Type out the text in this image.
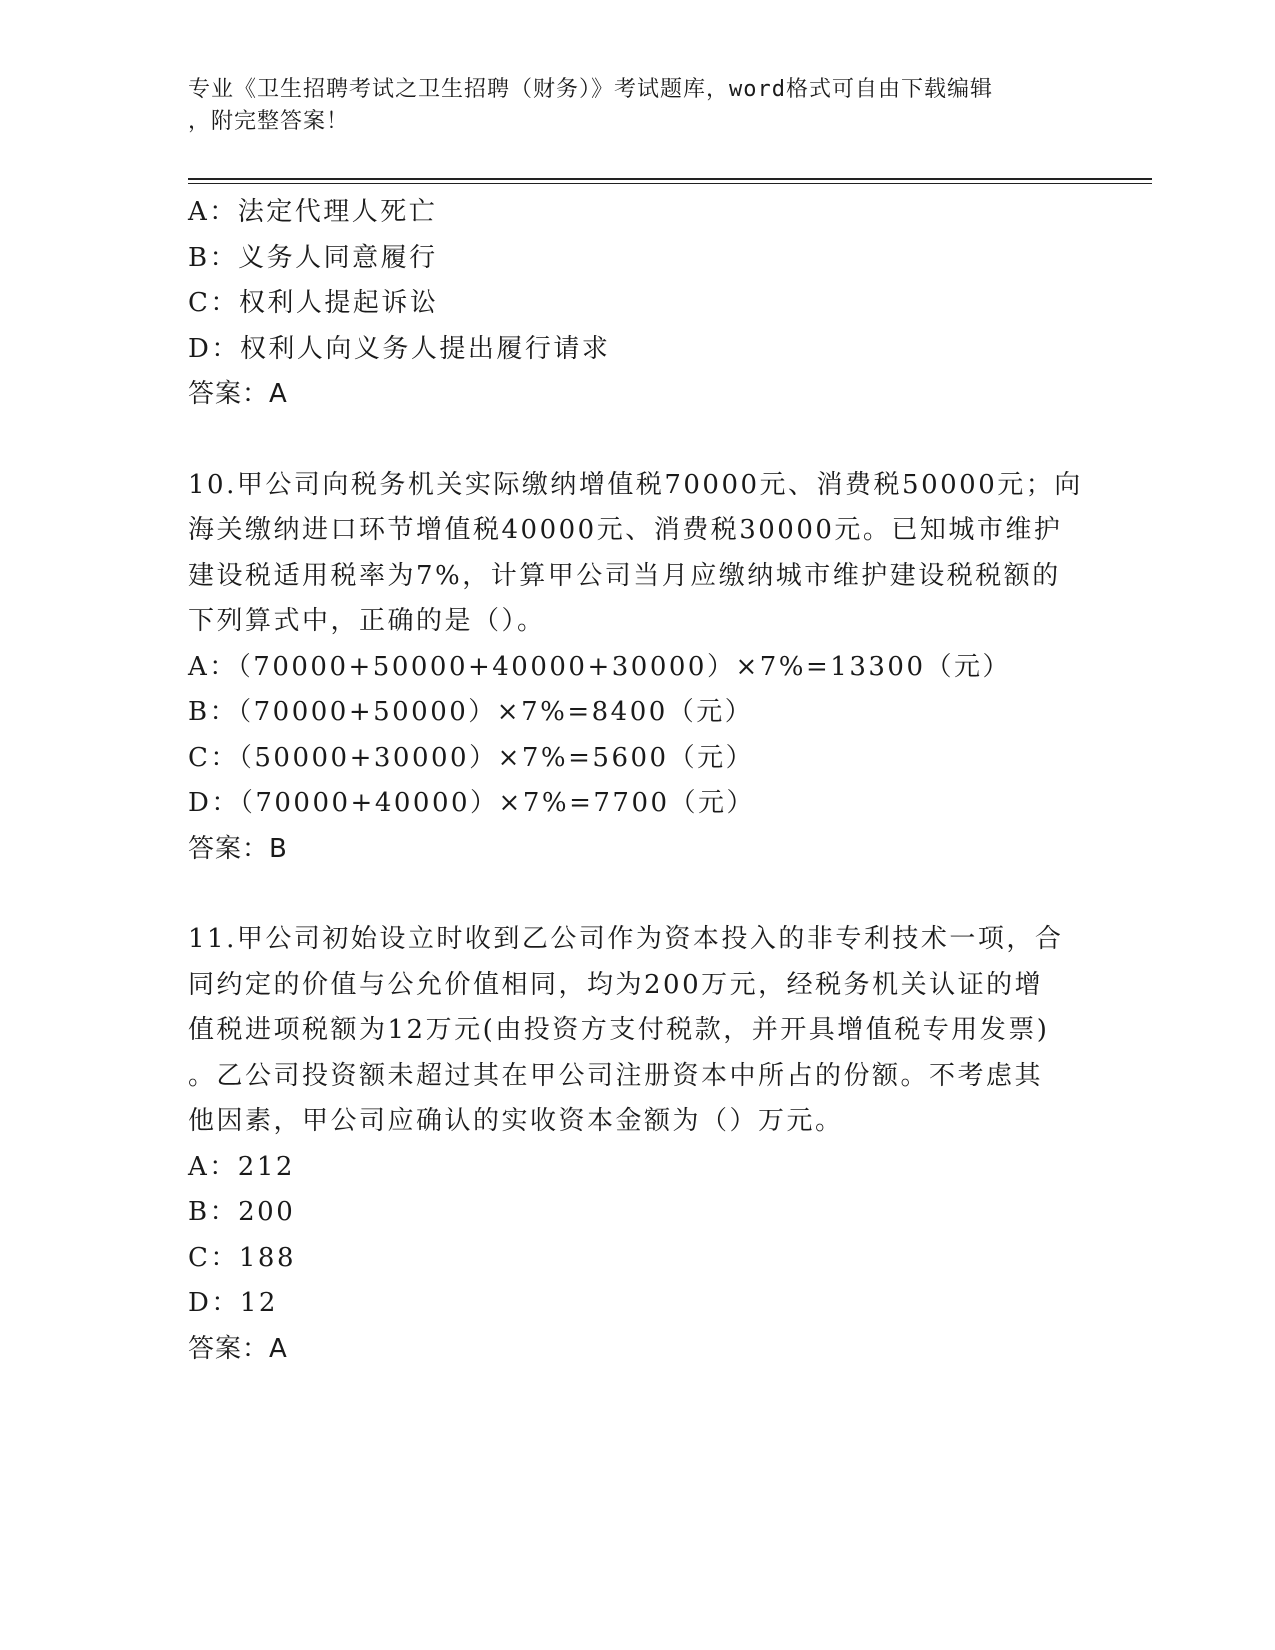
专业《卫生招聘考试之卫生招聘（财务）》考试题库，word格式可自由下载编辑
，附完整答案！
A：法定代理人死亡
B：义务人同意履行
C：权利人提起诉讼
D：权利人向义务人提出履行请求
答案：A
10.甲公司向税务机关实际缴纳增值税70000元、消费税50000元；向
海关缴纳进口环节增值税40000元、消费税30000元。已知城市维护
建设税适用税率为7%，计算甲公司当月应缴纳城市维护建设税税额的
下列算式中，正确的是（）。
A：（70000+50000+40000+30000）×7%=13300（元）
B：（70000+50000）×7%=8400（元）
C：（50000+30000）×7%=5600（元）
D：（70000+40000）×7%=7700（元）
答案：B
11.甲公司初始设立时收到乙公司作为资本投入的非专利技术一项，合
同约定的价值与公允价值相同，均为200万元，经税务机关认证的增
值税进项税额为12万元(由投资方支付税款，并开具增值税专用发票)
。乙公司投资额未超过其在甲公司注册资本中所占的份额。不考虑其
他因素，甲公司应确认的实收资本金额为（）万元。
A：212
B：200
C：188
D：12
答案：A
